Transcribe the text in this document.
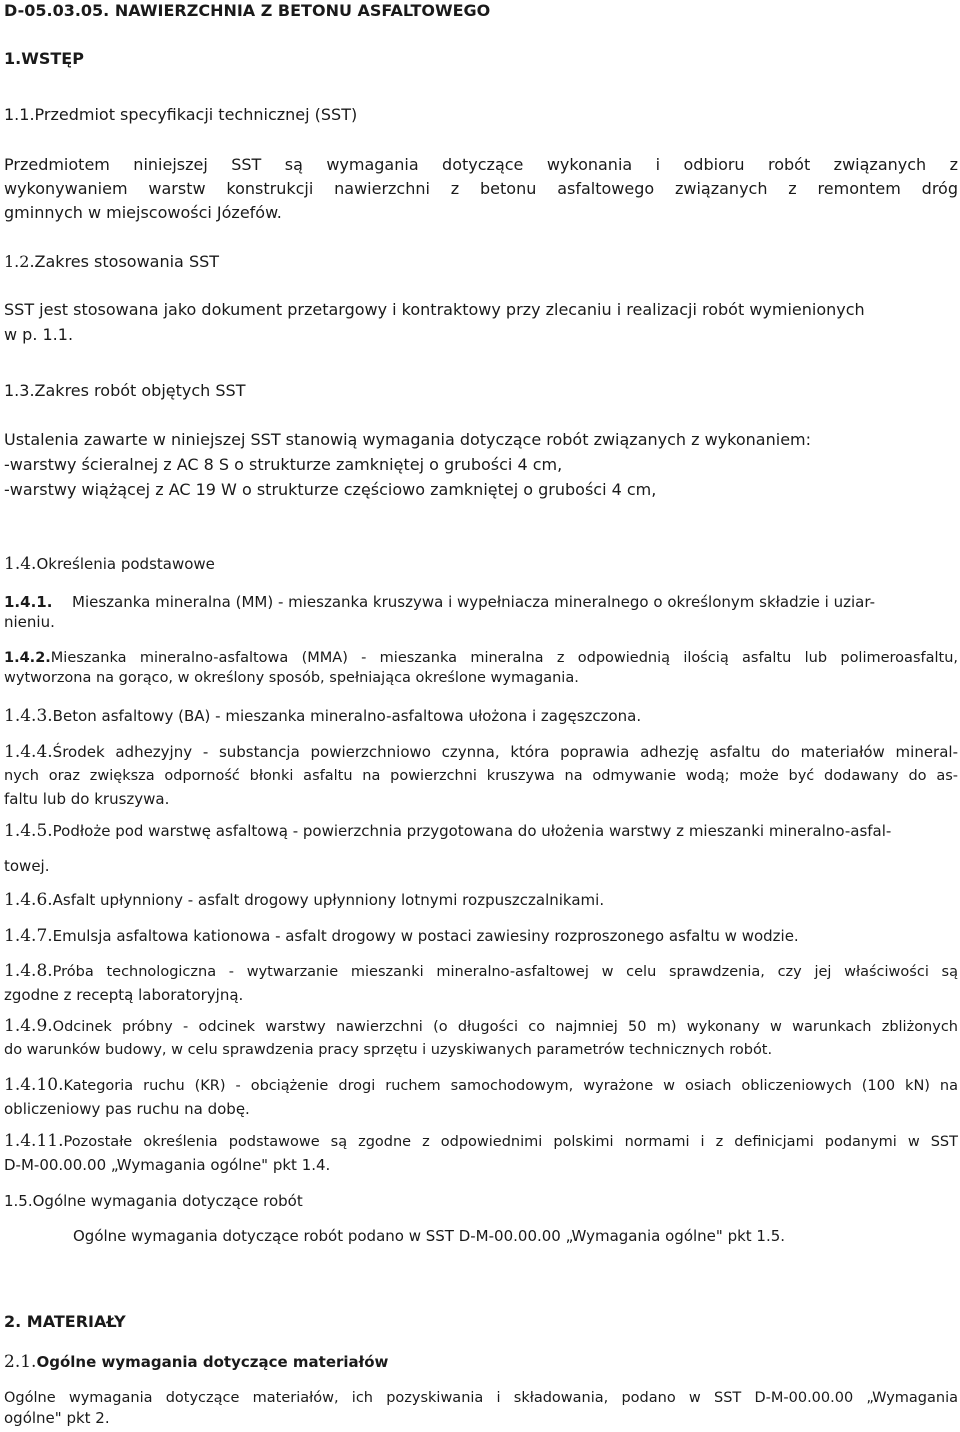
D-05.03.05. NAWIERZCHNIA Z BETONU ASFALTOWEGO
1.WSTĘP
1.1.Przedmiot specyfikacji technicznej (SST)
Przedmiotem niniejszej SST są wymagania dotyczące wykonania i odbioru robót związanych z
wykonywaniem warstw konstrukcji nawierzchni z betonu asfaltowego związanych z remontem dróg
gminnych w miejscowości Józefów.
1.2.Zakres stosowania SST
SST jest stosowana jako dokument przetargowy i kontraktowy przy zlecaniu i realizacji robót wymienionych
w p. 1.1.
1.3.Zakres robót objętych SST
Ustalenia zawarte w niniejszej SST stanowią wymagania dotyczące robót związanych z wykonaniem:
-warstwy ścieralnej z AC 8 S o strukturze zamkniętej o grubości 4 cm,
-warstwy wiążącej z AC 19 W o strukturze częściowo zamkniętej o grubości 4 cm,
1.4.Określenia podstawowe
1.4.1. Mieszanka mineralna (MM) - mieszanka kruszywa i wypełniacza mineralnego o określonym składzie i uziar-
nieniu.
1.4.2.Mieszanka mineralno-asfaltowa (MMA) - mieszanka mineralna z odpowiednią ilością asfaltu lub polimeroasfaltu,
wytworzona na gorąco, w określony sposób, spełniająca określone wymagania.
1.4.3.Beton asfaltowy (BA) - mieszanka mineralno-asfaltowa ułożona i zagęszczona.
1.4.4.Środek adhezyjny - substancja powierzchniowo czynna, która poprawia adhezję asfaltu do materiałów mineral-
nych oraz zwiększa odporność błonki asfaltu na powierzchni kruszywa na odmywanie wodą; może być dodawany do as-
faltu lub do kruszywa.
1.4.5.Podłoże pod warstwę asfaltową - powierzchnia przygotowana do ułożenia warstwy z mieszanki mineralno-asfal-
towej.
1.4.6.Asfalt upłynniony - asfalt drogowy upłynniony lotnymi rozpuszczalnikami.
1.4.7.Emulsja asfaltowa kationowa - asfalt drogowy w postaci zawiesiny rozproszonego asfaltu w wodzie.
1.4.8.Próba technologiczna - wytwarzanie mieszanki mineralno-asfaltowej w celu sprawdzenia, czy jej właściwości są
zgodne z receptą laboratoryjną.
1.4.9.Odcinek próbny - odcinek warstwy nawierzchni (o długości co najmniej 50 m) wykonany w warunkach zbliżonych
do warunków budowy, w celu sprawdzenia pracy sprzętu i uzyskiwanych parametrów technicznych robót.
1.4.10.Kategoria ruchu (KR) - obciążenie drogi ruchem samochodowym, wyrażone w osiach obliczeniowych (100 kN) na
obliczeniowy pas ruchu na dobę.
1.4.11.Pozostałe określenia podstawowe są zgodne z odpowiednimi polskimi normami i z definicjami podanymi w SST
D-M-00.00.00 „Wymagania ogólne" pkt 1.4.
1.5.Ogólne wymagania dotyczące robót
Ogólne wymagania dotyczące robót podano w SST D-M-00.00.00 „Wymagania ogólne" pkt 1.5.
2. MATERIAŁY
2.1.Ogólne wymagania dotyczące materiałów
Ogólne wymagania dotyczące materiałów, ich pozyskiwania i składowania, podano w SST D-M-00.00.00 „Wymagania
ogólne" pkt 2.
